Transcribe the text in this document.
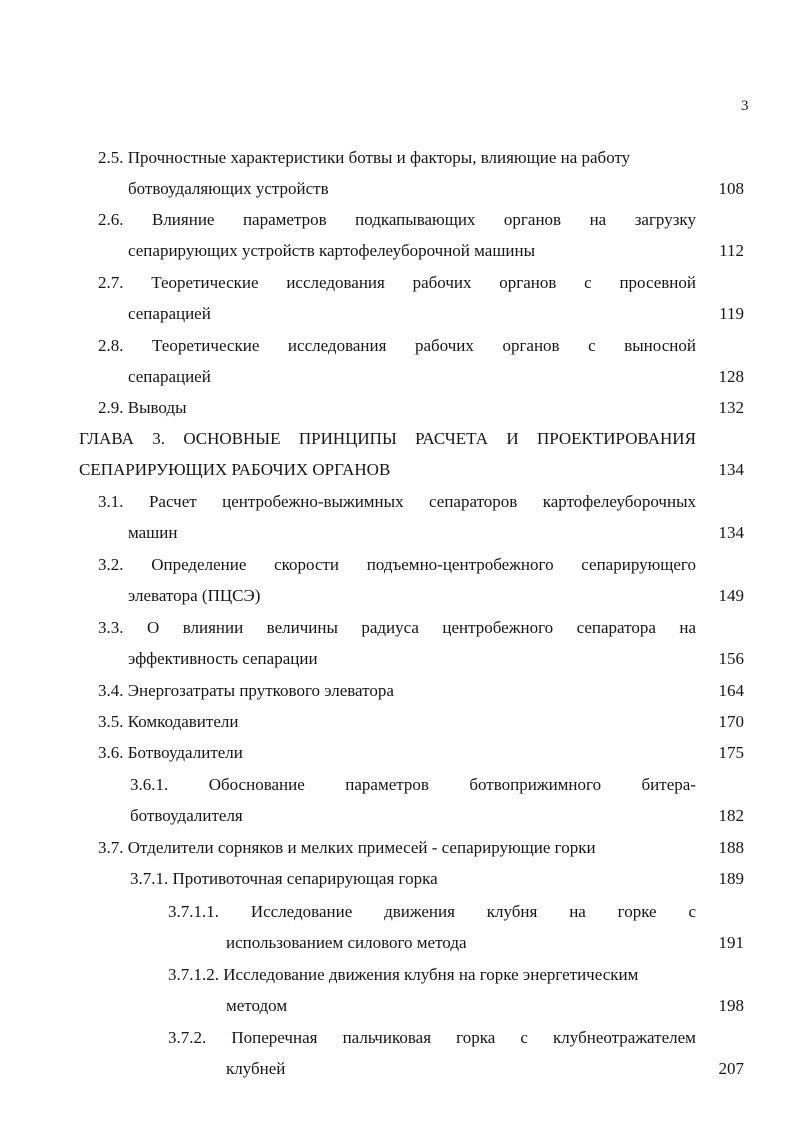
3
2.5. Прочностные характеристики ботвы и факторы, влияющие на работу
ботвоудаляющих устройств	108
2.6. Влияние параметров подкапывающих органов на загрузку
сепарирующих устройств картофелеуборочной машины	112
2.7. Теоретические исследования рабочих органов с просевной
сепарацией	119
2.8. Теоретические исследования рабочих органов с выносной
сепарацией	128
2.9. Выводы	132
ГЛАВА 3. ОСНОВНЫЕ ПРИНЦИПЫ РАСЧЕТА И ПРОЕКТИРОВАНИЯ
СЕПАРИРУЮЩИХ РАБОЧИХ ОРГАНОВ	134
3.1. Расчет центробежно-выжимных сепараторов картофелеуборочных
машин	134
3.2. Определение скорости подъемно-центробежного сепарирующего
элеватора (ПЦСЭ)	149
3.3. О влиянии величины радиуса центробежного сепаратора на
эффективность сепарации	156
3.4. Энергозатраты пруткового элеватора	164
3.5. Комкодавители	170
3.6. Ботвоудалители	175
3.6.1. Обоснование параметров ботвоприжимного битера-
ботвоудалителя	182
3.7. Отделители сорняков и мелких примесей - сепарирующие горки	188
3.7.1. Противоточная сепарирующая горка	189
3.7.1.1. Исследование движения клубня на горке с
использованием силового метода	191
3.7.1.2. Исследование движения клубня на горке энергетическим
методом	198
3.7.2. Поперечная пальчиковая горка с клубнеотражателем
клубней	207
